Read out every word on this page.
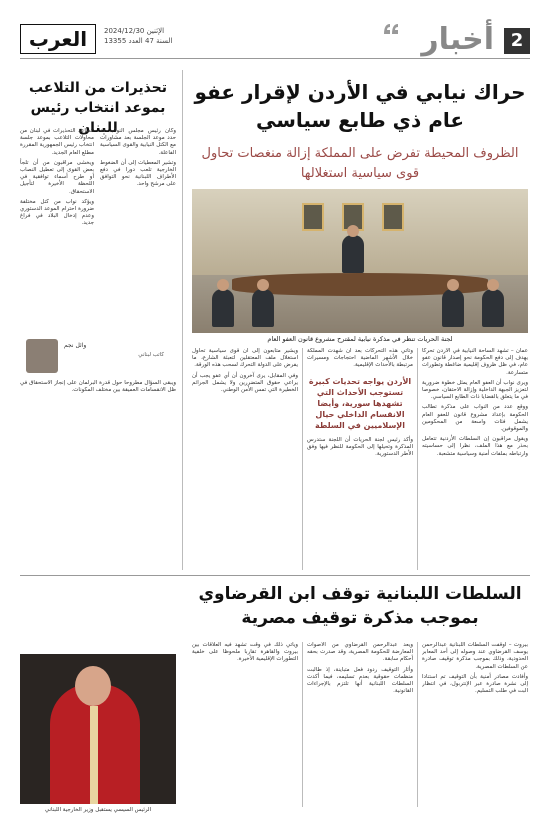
2
أخبار
العرب	الإثنين 2024/12/30
السنة 47 العدد 13355
حراك نيابي في الأردن لإقرار عفو عام ذي طابع سياسي
الظروف المحيطة تفرض على المملكة إزالة منغصات تحاول قوى سياسية استغلالها
لجنة الحريات تنظر في مذكرة نيابية لمقترح مشروع قانون العفو العام

عمان – تشهد الساحة النيابية في الأردن تحركا يهدف إلى دفع الحكومة نحو إصدار قانون عفو عام، في ظل ظروف إقليمية ضاغطة وتطورات متسارعة.

ويرى نواب أن العفو العام يمثل خطوة ضرورية لتعزيز الجبهة الداخلية وإزالة الاحتقان، خصوصا في ما يتعلق بالقضايا ذات الطابع السياسي.

ووقع عدد من النواب على مذكرة تطالب الحكومة بإعداد مشروع قانون للعفو العام يشمل فئات واسعة من المحكومين والموقوفين.

ويقول مراقبون إن السلطات الأردنية تتعامل بحذر مع هذا الملف، نظرا إلى حساسيته وارتباطه بملفات أمنية وسياسية متشعبة.

وتأتي هذه التحركات بعد أن شهدت المملكة خلال الأشهر الماضية احتجاجات ومسيرات مرتبطة بالأحداث الإقليمية.

الأردن يواجه تحديات كبيرة تستوجب الأحداث التي تشهدها سورية، وأيضا الانقسام الداخلي حيال الإسلاميين في السلطة

وأكد رئيس لجنة الحريات أن اللجنة ستدرس المذكرة وتحيلها إلى الحكومة للنظر فيها وفق الأطر الدستورية.

ويشير متابعون إلى أن قوى سياسية تحاول استغلال ملف المعتقلين لتعبئة الشارع، ما يفرض على الدولة التحرك لسحب هذه الورقة.

وفي المقابل، يرى آخرون أن أي عفو يجب أن يراعي حقوق المتضررين ولا يشمل الجرائم الخطيرة التي تمس الأمن الوطني.

تحذيرات من التلاعب بموعد انتخاب رئيس للبنان

تتصاعد التحذيرات في لبنان من محاولات التلاعب بموعد جلسة انتخاب رئيس الجمهورية المقررة مطلع العام الجديد.

ويخشى مراقبون من أن تلجأ بعض القوى إلى تعطيل النصاب أو طرح أسماء توافقية في اللحظة الأخيرة لتأجيل الاستحقاق.

ويؤكد نواب من كتل مختلفة ضرورة احترام الموعد الدستوري وعدم إدخال البلاد في فراغ جديد.

وكان رئيس مجلس النواب قد حدد موعد الجلسة بعد مشاورات مع الكتل النيابية والقوى السياسية الفاعلة.

وتشير المعطيات إلى أن الضغوط الخارجية تلعب دورا في دفع الأطراف اللبنانية نحو التوافق على مرشح واحد.

وائل نجم
كاتب لبناني

ويبقى السؤال مطروحا حول قدرة البرلمان على إنجاز الاستحقاق في ظل الانقسامات العميقة بين مختلف المكونات.

السلطات اللبنانية توقف ابن القرضاوي بموجب مذكرة توقيف مصرية

بيروت – أوقفت السلطات اللبنانية عبدالرحمن يوسف القرضاوي عند وصوله إلى أحد المعابر الحدودية، وذلك بموجب مذكرة توقيف صادرة عن السلطات المصرية.

وأفادت مصادر أمنية بأن التوقيف تم استنادا إلى نشرة صادرة عبر الإنتربول، في انتظار البت في طلب التسليم.

ويعد عبدالرحمن القرضاوي من الأصوات المعارضة للحكومة المصرية، وقد صدرت بحقه أحكام سابقة.

وأثار التوقيف ردود فعل متباينة، إذ طالبت منظمات حقوقية بعدم تسليمه، فيما أكدت السلطات اللبنانية أنها تلتزم بالإجراءات القانونية.

ويأتي ذلك في وقت تشهد فيه العلاقات بين بيروت والقاهرة تقاربا ملحوظا على خلفية التطورات الإقليمية الأخيرة.

الرئيس السيسي يستقبل وزير الخارجية اللبناني
